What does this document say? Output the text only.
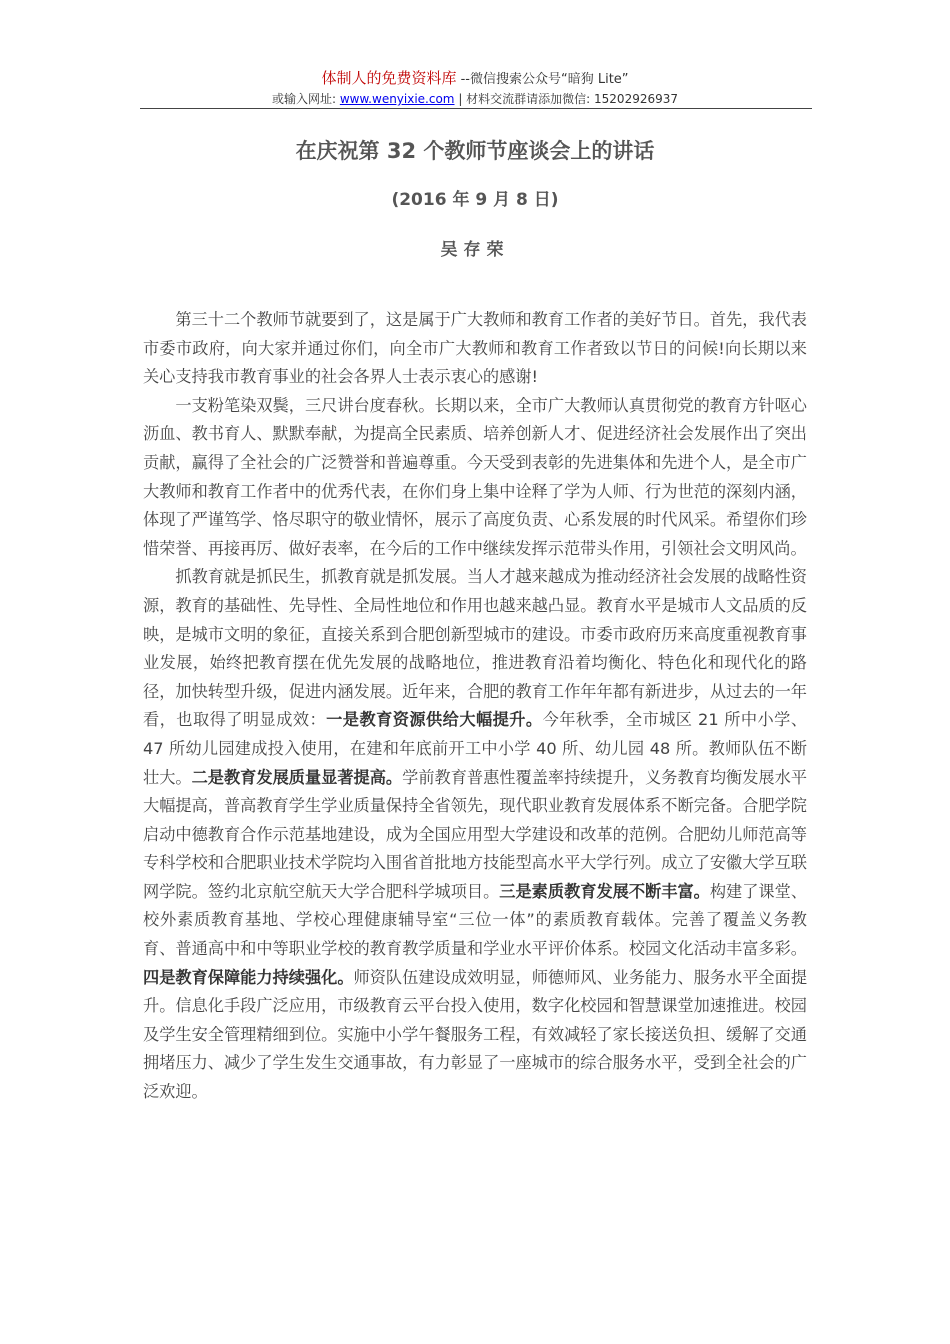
体制人的免费资料库 --微信搜索公众号“暗狗 Lite”
或输入网址: www.wenyixie.com | 材料交流群请添加微信: 15202926937
在庆祝第 32 个教师节座谈会上的讲话
(2016 年 9 月 8 日)
吴存荣

第三十二个教师节就要到了，这是属于广大教师和教育工作者的美好节日。首先，我代表市委市政府，向大家并通过你们，向全市广大教师和教育工作者致以节日的问候!向长期以来关心支持我市教育事业的社会各界人士表示衷心的感谢!

一支粉笔染双鬓，三尺讲台度春秋。长期以来，全市广大教师认真贯彻党的教育方针呕心沥血、教书育人、默默奉献，为提高全民素质、培养创新人才、促进经济社会发展作出了突出贡献，赢得了全社会的广泛赞誉和普遍尊重。今天受到表彰的先进集体和先进个人，是全市广大教师和教育工作者中的优秀代表，在你们身上集中诠释了学为人师、行为世范的深刻内涵，体现了严谨笃学、恪尽职守的敬业情怀，展示了高度负责、心系发展的时代风采。希望你们珍惜荣誉、再接再厉、做好表率，在今后的工作中继续发挥示范带头作用，引领社会文明风尚。

抓教育就是抓民生，抓教育就是抓发展。当人才越来越成为推动经济社会发展的战略性资源，教育的基础性、先导性、全局性地位和作用也越来越凸显。教育水平是城市人文品质的反映，是城市文明的象征，直接关系到合肥创新型城市的建设。市委市政府历来高度重视教育事业发展，始终把教育摆在优先发展的战略地位，推进教育沿着均衡化、特色化和现代化的路径，加快转型升级，促进内涵发展。近年来，合肥的教育工作年年都有新进步，从过去的一年看，也取得了明显成效：一是教育资源供给大幅提升。今年秋季，全市城区 21 所中小学、47 所幼儿园建成投入使用，在建和年底前开工中小学 40 所、幼儿园 48 所。教师队伍不断壮大。二是教育发展质量显著提高。学前教育普惠性覆盖率持续提升，义务教育均衡发展水平大幅提高，普高教育学生学业质量保持全省领先，现代职业教育发展体系不断完备。合肥学院启动中德教育合作示范基地建设，成为全国应用型大学建设和改革的范例。合肥幼儿师范高等专科学校和合肥职业技术学院均入围省首批地方技能型高水平大学行列。成立了安徽大学互联网学院。签约北京航空航天大学合肥科学城项目。三是素质教育发展不断丰富。构建了课堂、校外素质教育基地、学校心理健康辅导室“三位一体”的素质教育载体。完善了覆盖义务教育、普通高中和中等职业学校的教育教学质量和学业水平评价体系。校园文化活动丰富多彩。四是教育保障能力持续强化。师资队伍建设成效明显，师德师风、业务能力、服务水平全面提升。信息化手段广泛应用，市级教育云平台投入使用，数字化校园和智慧课堂加速推进。校园及学生安全管理精细到位。实施中小学午餐服务工程，有效减轻了家长接送负担、缓解了交通拥堵压力、减少了学生发生交通事故，有力彰显了一座城市的综合服务水平，受到全社会的广泛欢迎。
